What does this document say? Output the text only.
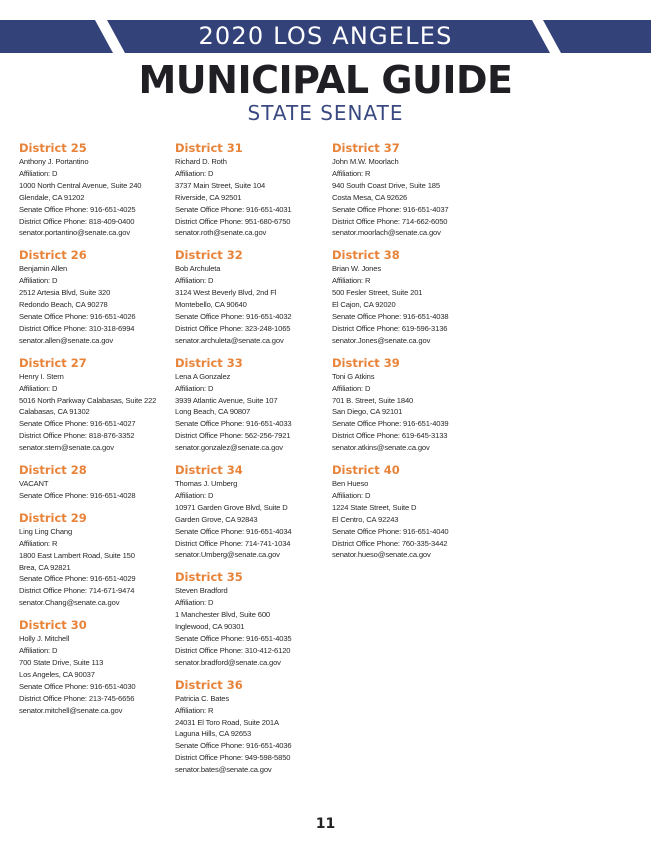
2020 LOS ANGELES
MUNICIPAL GUIDE
STATE SENATE
District 25
Anthony J. Portantino
Affiliation: D
1000 North Central Avenue, Suite 240
Glendale, CA 91202
Senate Office Phone: 916-651-4025
District Office Phone: 818-409-0400
senator.portantino@senate.ca.gov
District 26
Benjamin Allen
Affiliation: D
2512 Artesia Blvd, Suite 320
Redondo Beach, CA 90278
Senate Office Phone: 916-651-4026
District Office Phone: 310-318-6994
senator.allen@senate.ca.gov
District 27
Henry I. Stern
Affiliation: D
5016 North Parkway Calabasas, Suite 222
Calabasas, CA 91302
Senate Office Phone: 916-651-4027
District Office Phone: 818-876-3352
senator.stern@senate.ca.gov
District 28
VACANT
Senate Office Phone: 916-651-4028
District 29
Ling Ling Chang
Affiliation: R
1800 East Lambert Road, Suite 150
Brea, CA 92821
Senate Office Phone: 916-651-4029
District Office Phone: 714-671-9474
senator.Chang@senate.ca.gov
District 30
Holly J. Mitchell
Affiliation: D
700 State Drive, Suite 113
Los Angeles, CA 90037
Senate Office Phone: 916-651-4030
District Office Phone: 213-745-6656
senator.mitchell@senate.ca.gov
District 31
Richard D. Roth
Affiliation: D
3737 Main Street, Suite 104
Riverside, CA 92501
Senate Office Phone: 916-651-4031
District Office Phone: 951-680-6750
senator.roth@senate.ca.gov
District 32
Bob Archuleta
Affiliation: D
3124 West Beverly Blvd, 2nd Fl
Montebello, CA 90640
Senate Office Phone: 916-651-4032
District Office Phone: 323-248-1065
senator.archuleta@senate.ca.gov
District 33
Lena A Gonzalez
Affiliation: D
3939 Atlantic Avenue, Suite 107
Long Beach, CA 90807
Senate Office Phone: 916-651-4033
District Office Phone: 562-256-7921
senator.gonzalez@senate.ca.gov
District 34
Thomas J. Umberg
Affiliation: D
10971 Garden Grove Blvd, Suite D
Garden Grove, CA 92843
Senate Office Phone: 916-651-4034
District Office Phone: 714-741-1034
senator.Umberg@senate.ca.gov
District 35
Steven Bradford
Affiliation: D
1 Manchester Blvd, Suite 600
Inglewood, CA 90301
Senate Office Phone: 916-651-4035
District Office Phone: 310-412-6120
senator.bradford@senate.ca.gov
District 36
Patricia C. Bates
Affiliation: R
24031 El Toro Road, Suite 201A
Laguna Hills, CA 92653
Senate Office Phone: 916-651-4036
District Office Phone: 949-598-5850
senator.bates@senate.ca.gov
District 37
John M.W. Moorlach
Affiliation: R
940 South Coast Drive, Suite 185
Costa Mesa, CA 92626
Senate Office Phone: 916-651-4037
District Office Phone: 714-662-6050
senator.moorlach@senate.ca.gov
District 38
Brian W. Jones
Affiliation: R
500 Fesler Street, Suite 201
El Cajon, CA 92020
Senate Office Phone: 916-651-4038
District Office Phone: 619-596-3136
senator.Jones@senate.ca.gov
District 39
Toni G Atkins
Affiliation: D
701 B. Street, Suite 1840
San Diego, CA 92101
Senate Office Phone: 916-651-4039
District Office Phone: 619-645-3133
senator.atkins@senate.ca.gov
District 40
Ben Hueso
Affiliation: D
1224 State Street, Suite D
El Centro, CA 92243
Senate Office Phone: 916-651-4040
District Office Phone: 760-335-3442
senator.hueso@senate.ca.gov
11
